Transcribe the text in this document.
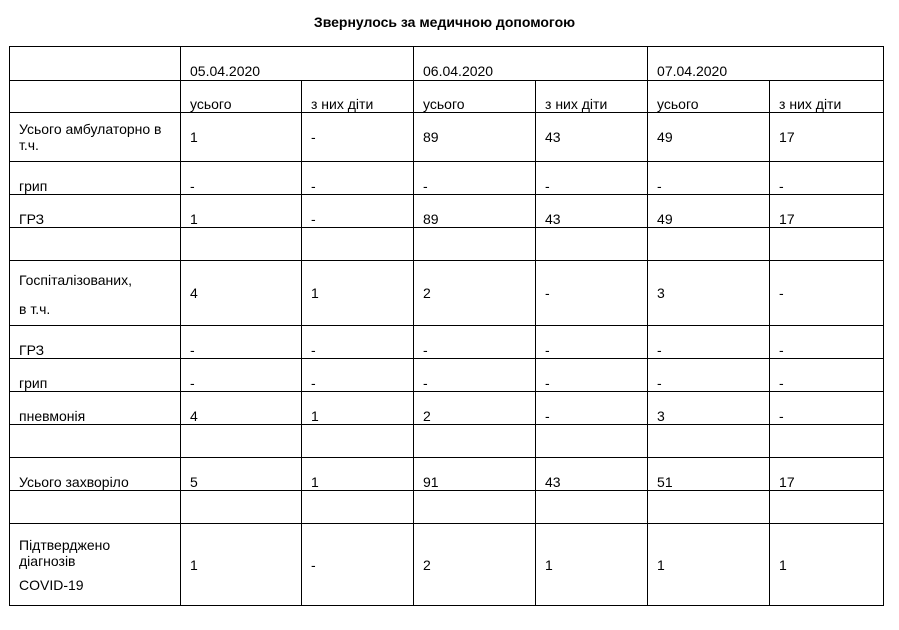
Звернулось за медичною допомогою
	05.04.2020		06.04.2020		07.04.2020	
	усього	з них діти	усього	з них діти	усього	з них діти
Усього амбулаторно в т.ч.	1	-	89	43	49	17
грип	-	-	-	-	-	-
ГРЗ	1	-	89	43	49	17

Госпіталізованих,
в т.ч.	4	1	2	-	3	-
ГРЗ	-	-	-	-	-	-
грип	-	-	-	-	-	-
пневмонія	4	1	2	-	3	-

Усього захворіло	5	1	91	43	51	17

Підтверджено
діагнозів
COVID-19	1	-	2	1	1	1
